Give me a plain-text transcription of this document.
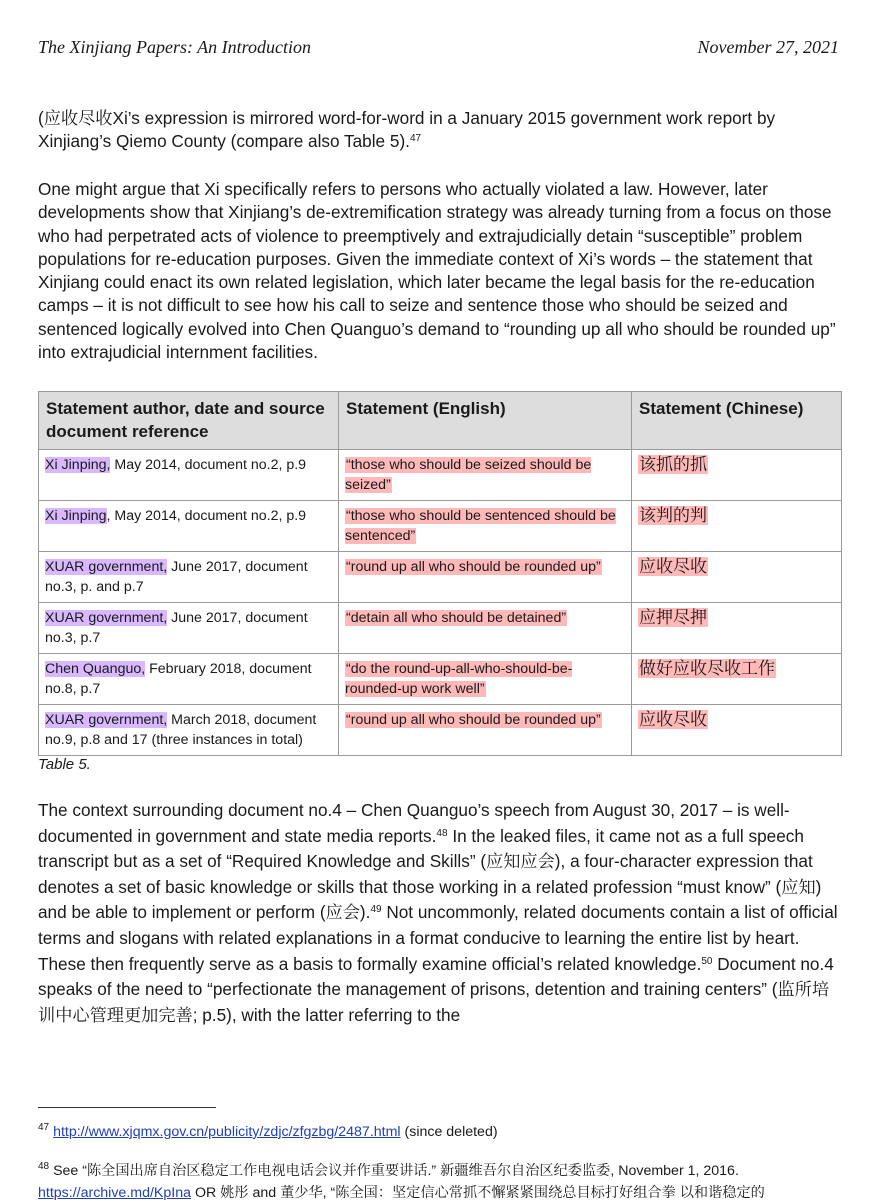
The Xinjiang Papers: An Introduction	November 27, 2021

(应收尽收Xi’s expression is mirrored word-for-word in a January 2015 government work report by Xinjiang’s Qiemo County (compare also Table 5).$^{47}$

One might argue that Xi specifically refers to persons who actually violated a law. However, later developments show that Xinjiang’s de-extremification strategy was already turning from a focus on those who had perpetrated acts of violence to preemptively and extrajudicially detain “susceptible” problem populations for re-education purposes. Given the immediate context of Xi’s words – the statement that Xinjiang could enact its own related legislation, which later became the legal basis for the re-education camps – it is not difficult to see how his call to seize and sentence those who should be seized and sentenced logically evolved into Chen Quanguo’s demand to “rounding up all who should be rounded up” into extrajudicial internment facilities.

Statement author, date and source document reference	Statement (English)	Statement (Chinese)
Xi Jinping, May 2014, document no.2, p.9	“those who should be seized should be seized”	该抓的抓
Xi Jinping, May 2014, document no.2, p.9	“those who should be sentenced should be sentenced”	该判的判
XUAR government, June 2017, document no.3, p. and p.7	“round up all who should be rounded up”	应收尽收
XUAR government, June 2017, document no.3, p.7	“detain all who should be detained”	应押尽押
Chen Quanguo, February 2018, document no.8, p.7	“do the round-up-all-who-should-be-rounded-up work well”	做好应收尽收工作
XUAR government, March 2018, document no.9, p.8 and 17 (three instances in total)	“round up all who should be rounded up”	应收尽收
Table 5.

The context surrounding document no.4 – Chen Quanguo’s speech from August 30, 2017 – is well-documented in government and state media reports.$^{48}$ In the leaked files, it came not as a full speech transcript but as a set of “Required Knowledge and Skills” (应知应会), a four-character expression that denotes a set of basic knowledge or skills that those working in a related profession “must know” (应知) and be able to implement or perform (应会).$^{49}$ Not uncommonly, related documents contain a list of official terms and slogans with related explanations in a format conducive to learning the entire list by heart. These then frequently serve as a basis to formally examine official’s related knowledge.$^{50}$ Document no.4 speaks of the need to “perfectionate the management of prisons, detention and training centers” (监所培训中心管理更加完善; p.5), with the latter referring to the

$^{47}$ http://www.xjqmx.gov.cn/publicity/zdjc/zfgzbg/2487.html (since deleted)

$^{48}$ See “陈全国出席自治区稳定工作电视电话会议并作重要讲话.” 新疆维吾尔自治区纪委监委, November 1, 2016.
https://archive.md/KpIna OR 姚彤 and 董少华, “陈全国：坚定信心常抓不懈紧紧围绕总目标打好组合拳 以和谐稳定的
